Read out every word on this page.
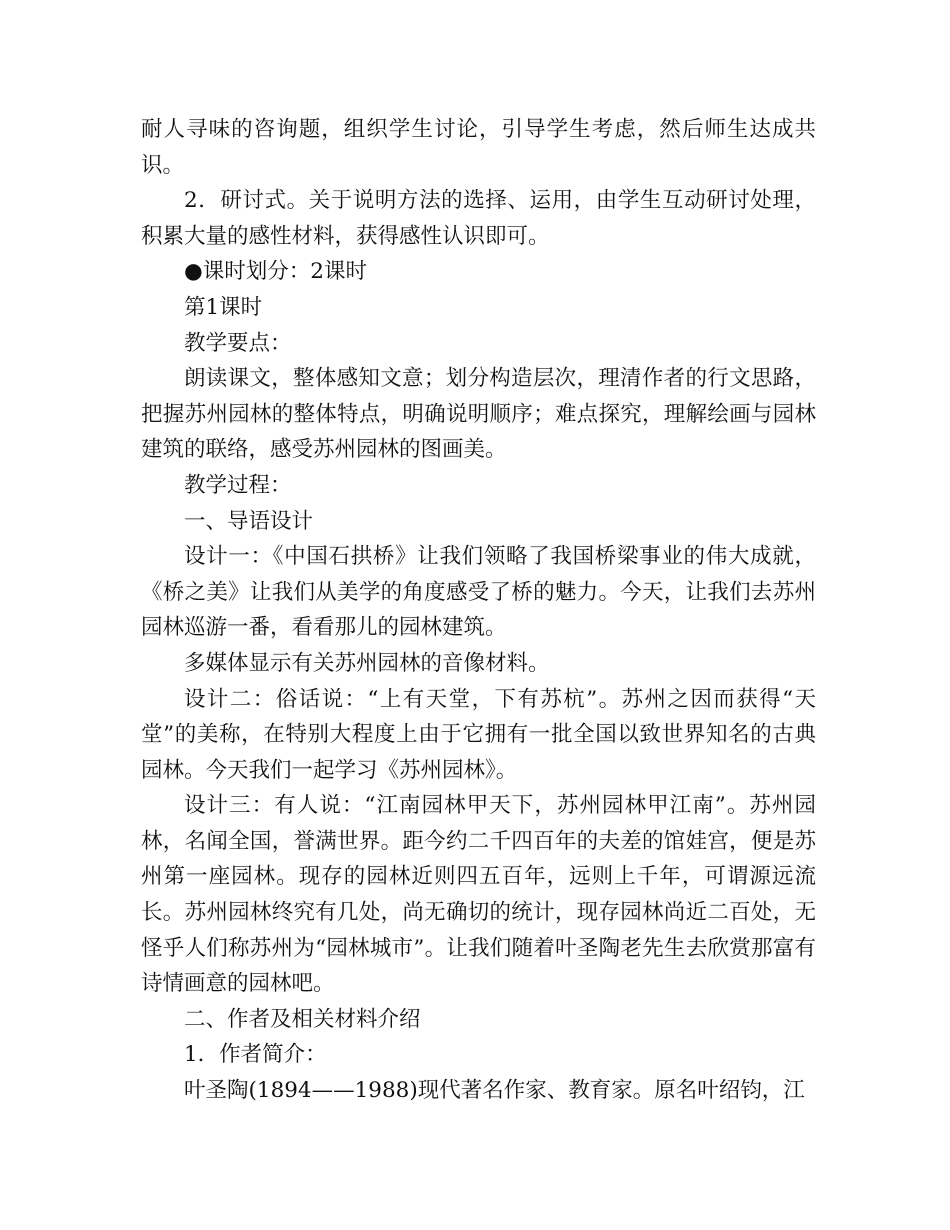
耐人寻味的咨询题，组织学生讨论，引导学生考虑，然后师生达成共识。

2．研讨式。关于说明方法的选择、运用，由学生互动研讨处理，积累大量的感性材料，获得感性认识即可。

●课时划分：2课时

第1课时

教学要点：

朗读课文，整体感知文意；划分构造层次，理清作者的行文思路，把握苏州园林的整体特点，明确说明顺序；难点探究，理解绘画与园林建筑的联络，感受苏州园林的图画美。

教学过程：

一、导语设计

设计一：《中国石拱桥》让我们领略了我国桥梁事业的伟大成就，《桥之美》让我们从美学的角度感受了桥的魅力。今天，让我们去苏州园林巡游一番，看看那儿的园林建筑。

多媒体显示有关苏州园林的音像材料。

设计二：俗话说：“上有天堂，下有苏杭”。苏州之因而获得“天堂”的美称，在特别大程度上由于它拥有一批全国以致世界知名的古典园林。今天我们一起学习《苏州园林》。

设计三：有人说：“江南园林甲天下，苏州园林甲江南”。苏州园林，名闻全国，誉满世界。距今约二千四百年的夫差的馆娃宫，便是苏州第一座园林。现存的园林近则四五百年，远则上千年，可谓源远流长。苏州园林终究有几处，尚无确切的统计，现存园林尚近二百处，无怪乎人们称苏州为“园林城市”。让我们随着叶圣陶老先生去欣赏那富有诗情画意的园林吧。

二、作者及相关材料介绍

1．作者简介：

叶圣陶(1894——1988)现代著名作家、教育家。原名叶绍钧，江
